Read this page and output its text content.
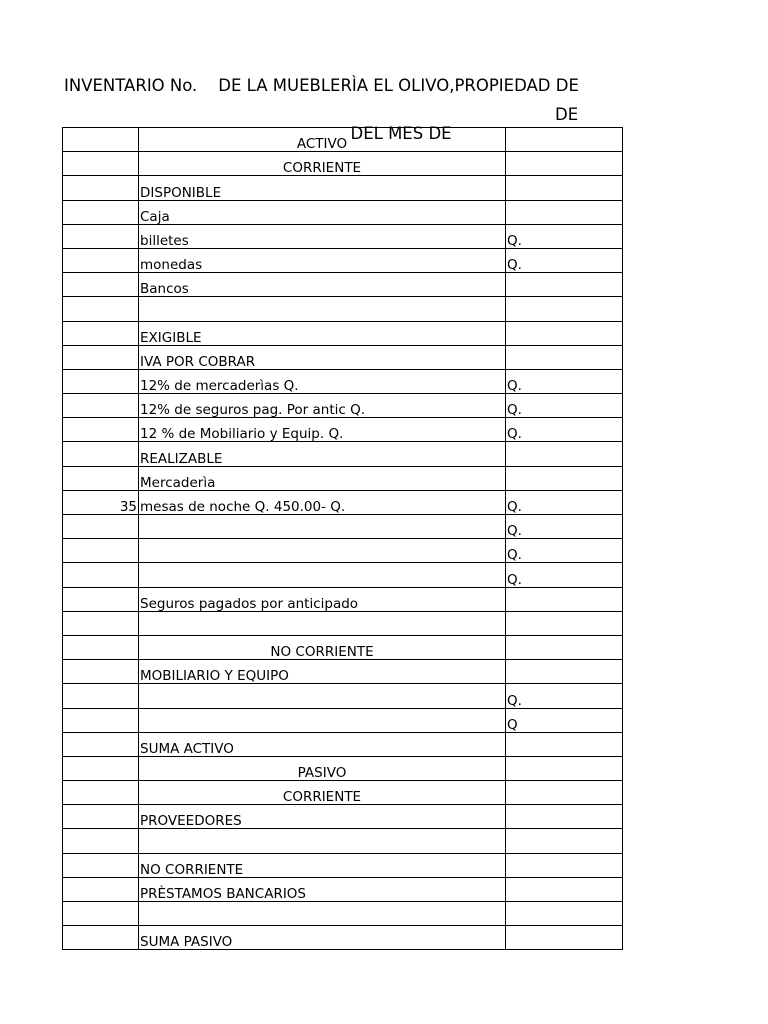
INVENTARIO No.    DE LA MUEBLERÌA EL OLIVO,PROPIEDAD DE

DEL MES DE

DE

	ACTIVO	
	CORRIENTE	
	DISPONIBLE	
	Caja	
	billetes	Q.
	monedas	Q.
	Bancos	

	EXIGIBLE	
	IVA POR COBRAR	
	12% de mercaderìas Q.	Q.
	12% de seguros pag. Por antic Q.	Q.
	12 % de Mobiliario y Equip. Q.	Q.
	REALIZABLE	
	Mercaderìa	
35	mesas de noche Q. 450.00- Q.	Q.
		Q.
		Q.
		Q.
	Seguros pagados por anticipado	

	NO CORRIENTE	
	MOBILIARIO Y EQUIPO	
		Q.
		Q
	SUMA ACTIVO	
	PASIVO	
	CORRIENTE	
	PROVEEDORES	

	NO CORRIENTE	
	PRÈSTAMOS BANCARIOS	

	SUMA PASIVO	
